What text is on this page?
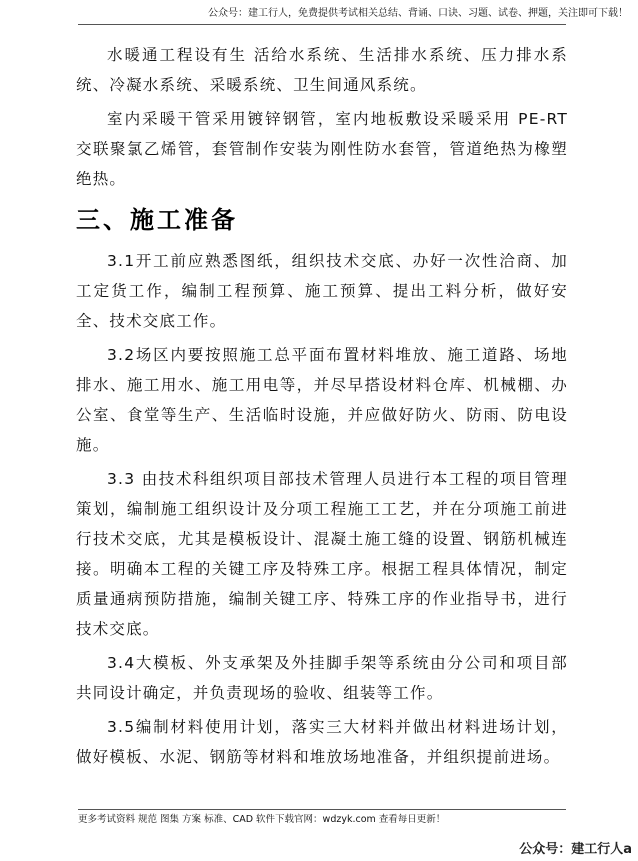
公众号：建工行人，免费提供考试相关总结、背诵、口诀、习题、试卷、押题，关注即可下载！

水暖通工程设有生 活给水系统、生活排水系统、压力排水系统、冷凝水系统、采暖系统、卫生间通风系统。

室内采暖干管采用镀锌钢管，室内地板敷设采暖采用 PE-RT 交联聚氯乙烯管，套管制作安装为刚性防水套管，管道绝热为橡塑绝热。

三、施工准备

3.1开工前应熟悉图纸，组织技术交底、办好一次性洽商、加工定货工作，编制工程预算、施工预算、提出工料分析，做好安全、技术交底工作。

3.2场区内要按照施工总平面布置材料堆放、施工道路、场地排水、施工用水、施工用电等，并尽早搭设材料仓库、机械棚、办公室、食堂等生产、生活临时设施，并应做好防火、防雨、防电设施。

3.3 由技术科组织项目部技术管理人员进行本工程的项目管理策划，编制施工组织设计及分项工程施工工艺，并在分项施工前进行技术交底，尤其是模板设计、混凝土施工缝的设置、钢筋机械连接。明确本工程的关键工序及特殊工序。根据工程具体情况，制定质量通病预防措施，编制关键工序、特殊工序的作业指导书，进行技术交底。

3.4大模板、外支承架及外挂脚手架等系统由分公司和项目部共同设计确定，并负责现场的验收、组装等工作。

3.5编制材料使用计划，落实三大材料并做出材料进场计划，做好模板、水泥、钢筋等材料和堆放场地准备，并组织提前进场。

更多考试资料 规范 图集 方案 标准、CAD 软件下载官网：wdzyk.com 查看每日更新！
公众号：建工行人a
